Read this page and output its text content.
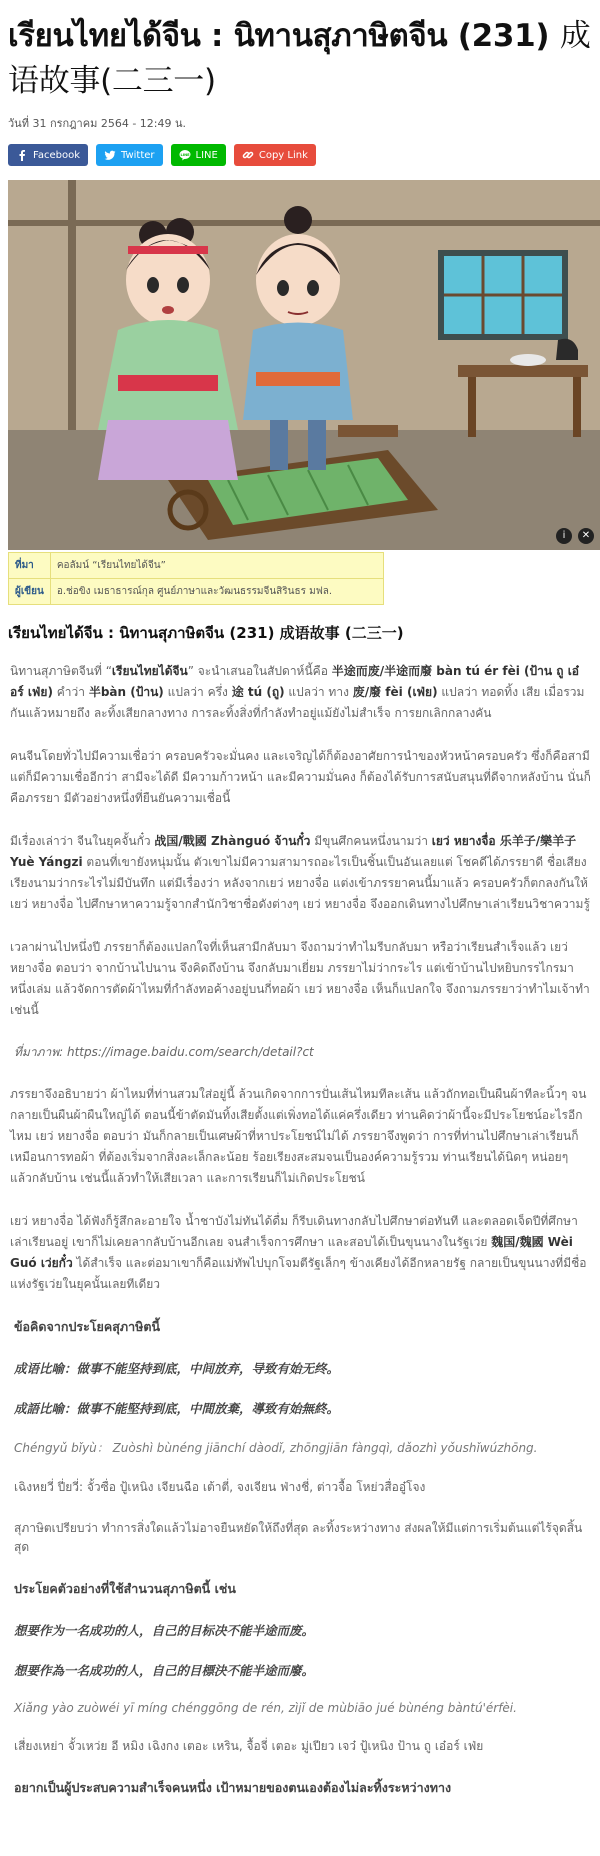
เรียนไทยได้จีน : นิทานสุภาษิตจีน (231) 成语故事(二三一)
วันที่ 31 กรกฎาคม 2564 - 12:49 น.
Facebook	Twitter	LINE LINE	Copy Link
i	✕
ที่มา	คอลัมน์ “เรียนไทยได้จีน”
ผู้เขียน	อ.ช่อขิง เมธาธารณ์กุล ศูนย์ภาษาและวัฒนธรรมจีนสิรินธร มฟล.
เรียนไทยได้จีน : นิทานสุภาษิตจีน (231) 成语故事 (二三一)

นิทานสุภาษิตจีนที่ “เรียนไทยได้จีน” จะนำเสนอในสัปดาห์นี้คือ 半途而废/半途而廢 bàn tú ér fèi (ป้าน ถู เอ๋อร์ เฟ่ย) คำว่า 半bàn (ป้าน) แปลว่า ครึ่ง 途 tú (ถู) แปลว่า ทาง 废/廢 fèi (เฟ่ย) แปลว่า ทอดทิ้ง เสีย เมื่อรวมกันแล้วหมายถึง ละทิ้งเสียกลางทาง การละทิ้งสิ่งที่กำลังทำอยู่แม้ยังไม่สำเร็จ การยกเลิกกลางคัน

คนจีนโดยทั่วไปมีความเชื่อว่า ครอบครัวจะมั่นคง และเจริญได้ก็ต้องอาศัยการนำของหัวหน้าครอบครัว ซึ่งก็คือสามี แต่ก็มีความเชื่ออีกว่า สามีจะได้ดี มีความก้าวหน้า และมีความมั่นคง ก็ต้องได้รับการสนับสนุนที่ดีจากหลังบ้าน นั่นก็คือภรรยา มีตัวอย่างหนึ่งที่ยืนยันความเชื่อนี้

มีเรื่องเล่าว่า จีนในยุคจั้นกั๋ว 战国/戰國 Zhànguó จ้านกั๋ว มีขุนศึกคนหนึ่งนามว่า เยว่ หยางจื่อ 乐羊子/樂羊子 Yuè Yángzi ตอนที่เขายังหนุ่มนั้น ตัวเขาไม่มีความสามารถอะไรเป็นชิ้นเป็นอันเลยแต่ โชคดีได้ภรรยาดี ชื่อเสียงเรียงนามว่ากระไรไม่มีบันทึก แต่มีเรื่องว่า หลังจากเยว่ หยางจื่อ แต่งเข้าภรรยาคนนี้มาแล้ว ครอบครัวก็ตกลงกันให้เยว่ หยางจื่อ ไปศึกษาหาความรู้จากสำนักวิชาชื่อดังต่างๆ เยว่ หยางจื่อ จึงออกเดินทางไปศึกษาเล่าเรียนวิชาความรู้

เวลาผ่านไปหนึ่งปี ภรรยาก็ต้องแปลกใจที่เห็นสามีกลับมา จึงถามว่าทำไมรีบกลับมา หรือว่าเรียนสำเร็จแล้ว เยว่ หยางจื่อ ตอบว่า จากบ้านไปนาน จึงคิดถึงบ้าน จึงกลับมาเยี่ยม ภรรยาไม่ว่ากระไร แต่เข้าบ้านไปหยิบกรรไกรมาหนึ่งเล่ม แล้วจัดการตัดผ้าไหมที่กำลังทอค้างอยู่บนกี่ทอผ้า เยว่ หยางจื่อ เห็นก็แปลกใจ จึงถามภรรยาว่าทำไมเจ้าทำเช่นนี้

ที่มาภาพ: https://image.baidu.com/search/detail?ct

ภรรยาจึงอธิบายว่า ผ้าไหมที่ท่านสวมใส่อยู่นี้ ล้วนเกิดจากการปั่นเส้นไหมทีละเส้น แล้วถักทอเป็นผืนผ้าทีละนิ้วๆ จนกลายเป็นผืนผ้าผืนใหญ่ได้ ตอนนี้ข้าตัดมันทิ้งเสียตั้งแต่เพิ่งทอได้แค่ครึ่งเดียว ท่านคิดว่าผ้านี้จะมีประโยชน์อะไรอีกไหม เยว่ หยางจื่อ ตอบว่า มันก็กลายเป็นเศษผ้าที่หาประโยชน์ไม่ได้ ภรรยาจึงพูดว่า การที่ท่านไปศึกษาเล่าเรียนก็เหมือนการทอผ้า ที่ต้องเริ่มจากสิ่งละเล็กละน้อย ร้อยเรียงสะสมจนเป็นองค์ความรู้รวม ท่านเรียนได้นิดๆ หน่อยๆ แล้วกลับบ้าน เช่นนี้แล้วทำให้เสียเวลา และการเรียนก็ไม่เกิดประโยชน์

เยว่ หยางจื่อ ได้ฟังก็รู้สึกละอายใจ น้ำชาบังไม่ทันได้ดื่ม ก็รีบเดินทางกลับไปศึกษาต่อทันที และตลอดเจ็ดปีที่ศึกษาเล่าเรียนอยู่ เขาก็ไม่เคยลากลับบ้านอีกเลย จนสำเร็จการศึกษา และสอบได้เป็นขุนนางในรัฐเว่ย 魏国/魏國 Wèi Guó เว่ยกั๋ว ได้สำเร็จ และต่อมาเขาก็คือแม่ทัพไปบุกโจมตีรัฐเล็กๆ ข้างเคียงได้อีกหลายรัฐ กลายเป็นขุนนางที่มีชื่อแห่งรัฐเว่ยในยุคนั้นเลยทีเดียว

ข้อคิดจากประโยคสุภาษิตนี้

成语比喻：做事不能坚持到底，中间放弃，导致有始无终。

成語比喻：做事不能堅持到底，中間放棄，導致有始無終。

Chéngyǔ bǐyù： Zuòshì bùnéng jiānchí dàodǐ, zhōngjiān fàngqì, dǎozhì yǒushǐwúzhōng.

เฉิงหยวี่ ปี่ยวี่: จั้วซื่อ ปู้เหนิง เจียนฉือ เต้าตี่, จงเจียน ฟ่างชี่, ต่าวจื้อ โหย่วสื่ออู๋โจง

สุภาษิตเปรียบว่า ทำการสิ่งใดแล้วไม่อาจยืนหยัดให้ถึงที่สุด ละทิ้งระหว่างทาง ส่งผลให้มีแต่การเริ่มต้นแต่ไร้จุดสิ้นสุด

ประโยคตัวอย่างที่ใช้สำนวนสุภาษิตนี้ เช่น

想要作为一名成功的人，自己的目标决不能半途而废。

想要作為一名成功的人，自己的目標決不能半途而廢。

Xiǎng yào zuòwéi yī míng chénggōng de rén, zìjǐ de mùbiāo jué bùnéng bàntú'érfèi.

เสี่ยงเหย่า จั้วเหว่ย อี หมิง เฉิงกง เตอะ เหริน, จื้อจี่ เตอะ มู่เปียว เจว๋ ปู้เหนิง ป้าน ถู เอ๋อร์ เฟ่ย

อยากเป็นผู้ประสบความสำเร็จคนหนึ่ง เป้าหมายของตนเองต้องไม่ละทิ้งระหว่างทาง
